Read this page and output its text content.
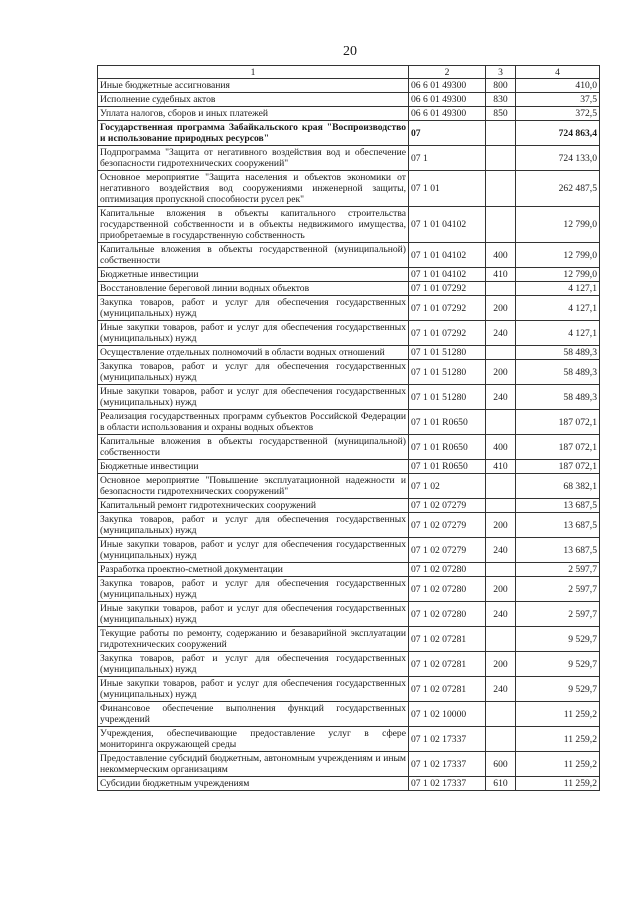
20
1	2	3	4
Иные бюджетные ассигнования	06 6 01 49300	800	410,0
Исполнение судебных актов	06 6 01 49300	830	37,5
Уплата налогов, сборов и иных платежей	06 6 01 49300	850	372,5
Государственная программа Забайкальского края "Воспроизводство и использование природных ресурсов"	07		724 863,4
Подпрограмма "Защита от негативного воздействия вод и обеспечение безопасности гидротехнических сооружений"	07 1		724 133,0
Основное мероприятие "Защита населения и объектов экономики от негативного воздействия вод сооружениями инженерной защиты, оптимизация пропускной способности русел рек"	07 1 01		262 487,5
Капитальные вложения в объекты капитального строительства государственной собственности и в объекты недвижимого имущества, приобретаемые в государственную собственность	07 1 01 04102		12 799,0
Капитальные вложения в объекты государственной (муниципальной) собственности	07 1 01 04102	400	12 799,0
Бюджетные инвестиции	07 1 01 04102	410	12 799,0
Восстановление береговой линии водных объектов	07 1 01 07292		4 127,1
Закупка товаров, работ и услуг для обеспечения государственных (муниципальных) нужд	07 1 01 07292	200	4 127,1
Иные закупки товаров, работ и услуг для обеспечения государственных (муниципальных) нужд	07 1 01 07292	240	4 127,1
Осуществление отдельных полномочий в области водных отношений	07 1 01 51280		58 489,3
Закупка товаров, работ и услуг для обеспечения государственных (муниципальных) нужд	07 1 01 51280	200	58 489,3
Иные закупки товаров, работ и услуг для обеспечения государственных (муниципальных) нужд	07 1 01 51280	240	58 489,3
Реализация государственных программ субъектов Российской Федерации в области использования и охраны водных объектов	07 1 01 R0650		187 072,1
Капитальные вложения в объекты государственной (муниципальной) собственности	07 1 01 R0650	400	187 072,1
Бюджетные инвестиции	07 1 01 R0650	410	187 072,1
Основное мероприятие "Повышение эксплуатационной надежности и безопасности гидротехнических сооружений"	07 1 02		68 382,1
Капитальный ремонт гидротехнических сооружений	07 1 02 07279		13 687,5
Закупка товаров, работ и услуг для обеспечения государственных (муниципальных) нужд	07 1 02 07279	200	13 687,5
Иные закупки товаров, работ и услуг для обеспечения государственных (муниципальных) нужд	07 1 02 07279	240	13 687,5
Разработка проектно-сметной документации	07 1 02 07280		2 597,7
Закупка товаров, работ и услуг для обеспечения государственных (муниципальных) нужд	07 1 02 07280	200	2 597,7
Иные закупки товаров, работ и услуг для обеспечения государственных (муниципальных) нужд	07 1 02 07280	240	2 597,7
Текущие работы по ремонту, содержанию и безаварийной эксплуатации гидротехнических сооружений	07 1 02 07281		9 529,7
Закупка товаров, работ и услуг для обеспечения государственных (муниципальных) нужд	07 1 02 07281	200	9 529,7
Иные закупки товаров, работ и услуг для обеспечения государственных (муниципальных) нужд	07 1 02 07281	240	9 529,7
Финансовое обеспечение выполнения функций государственных учреждений	07 1 02 10000		11 259,2
Учреждения, обеспечивающие предоставление услуг в сфере мониторинга окружающей среды	07 1 02 17337		11 259,2
Предоставление субсидий бюджетным, автономным учреждениям и иным некоммерческим организациям	07 1 02 17337	600	11 259,2
Субсидии бюджетным учреждениям	07 1 02 17337	610	11 259,2
